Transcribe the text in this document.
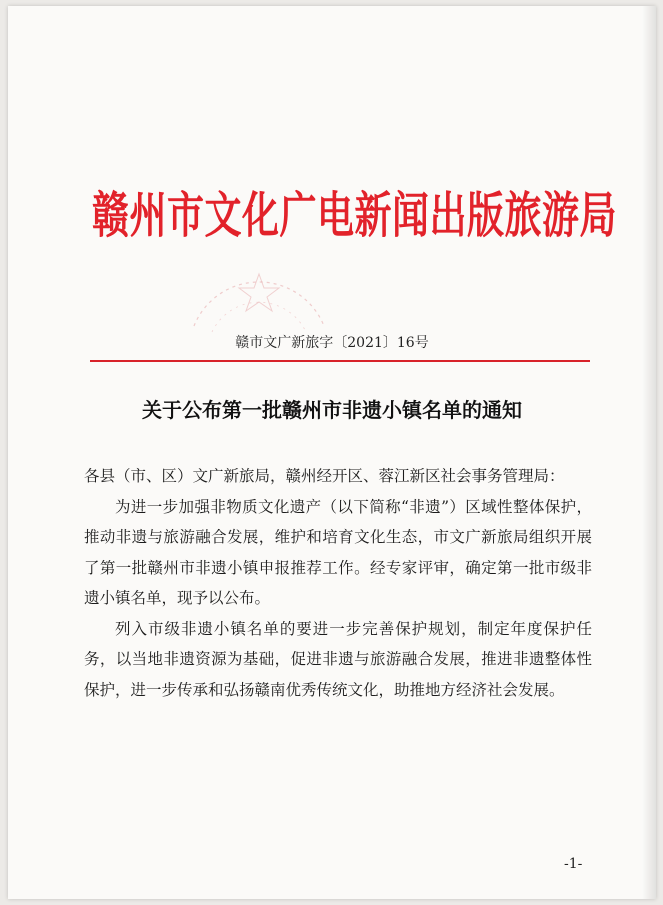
赣州市文化广电新闻出版旅游局
赣市文广新旅字〔2021〕16号
关于公布第一批赣州市非遗小镇名单的通知

各县（市、区）文广新旅局，赣州经开区、蓉江新区社会事务管理局：

为进一步加强非物质文化遗产（以下简称“非遗”）区域性整体保护，推动非遗与旅游融合发展，维护和培育文化生态，市文广新旅局组织开展了第一批赣州市非遗小镇申报推荐工作。经专家评审，确定第一批市级非遗小镇名单，现予以公布。

列入市级非遗小镇名单的要进一步完善保护规划，制定年度保护任务，以当地非遗资源为基础，促进非遗与旅游融合发展，推进非遗整体性保护，进一步传承和弘扬赣南优秀传统文化，助推地方经济社会发展。

-1-
